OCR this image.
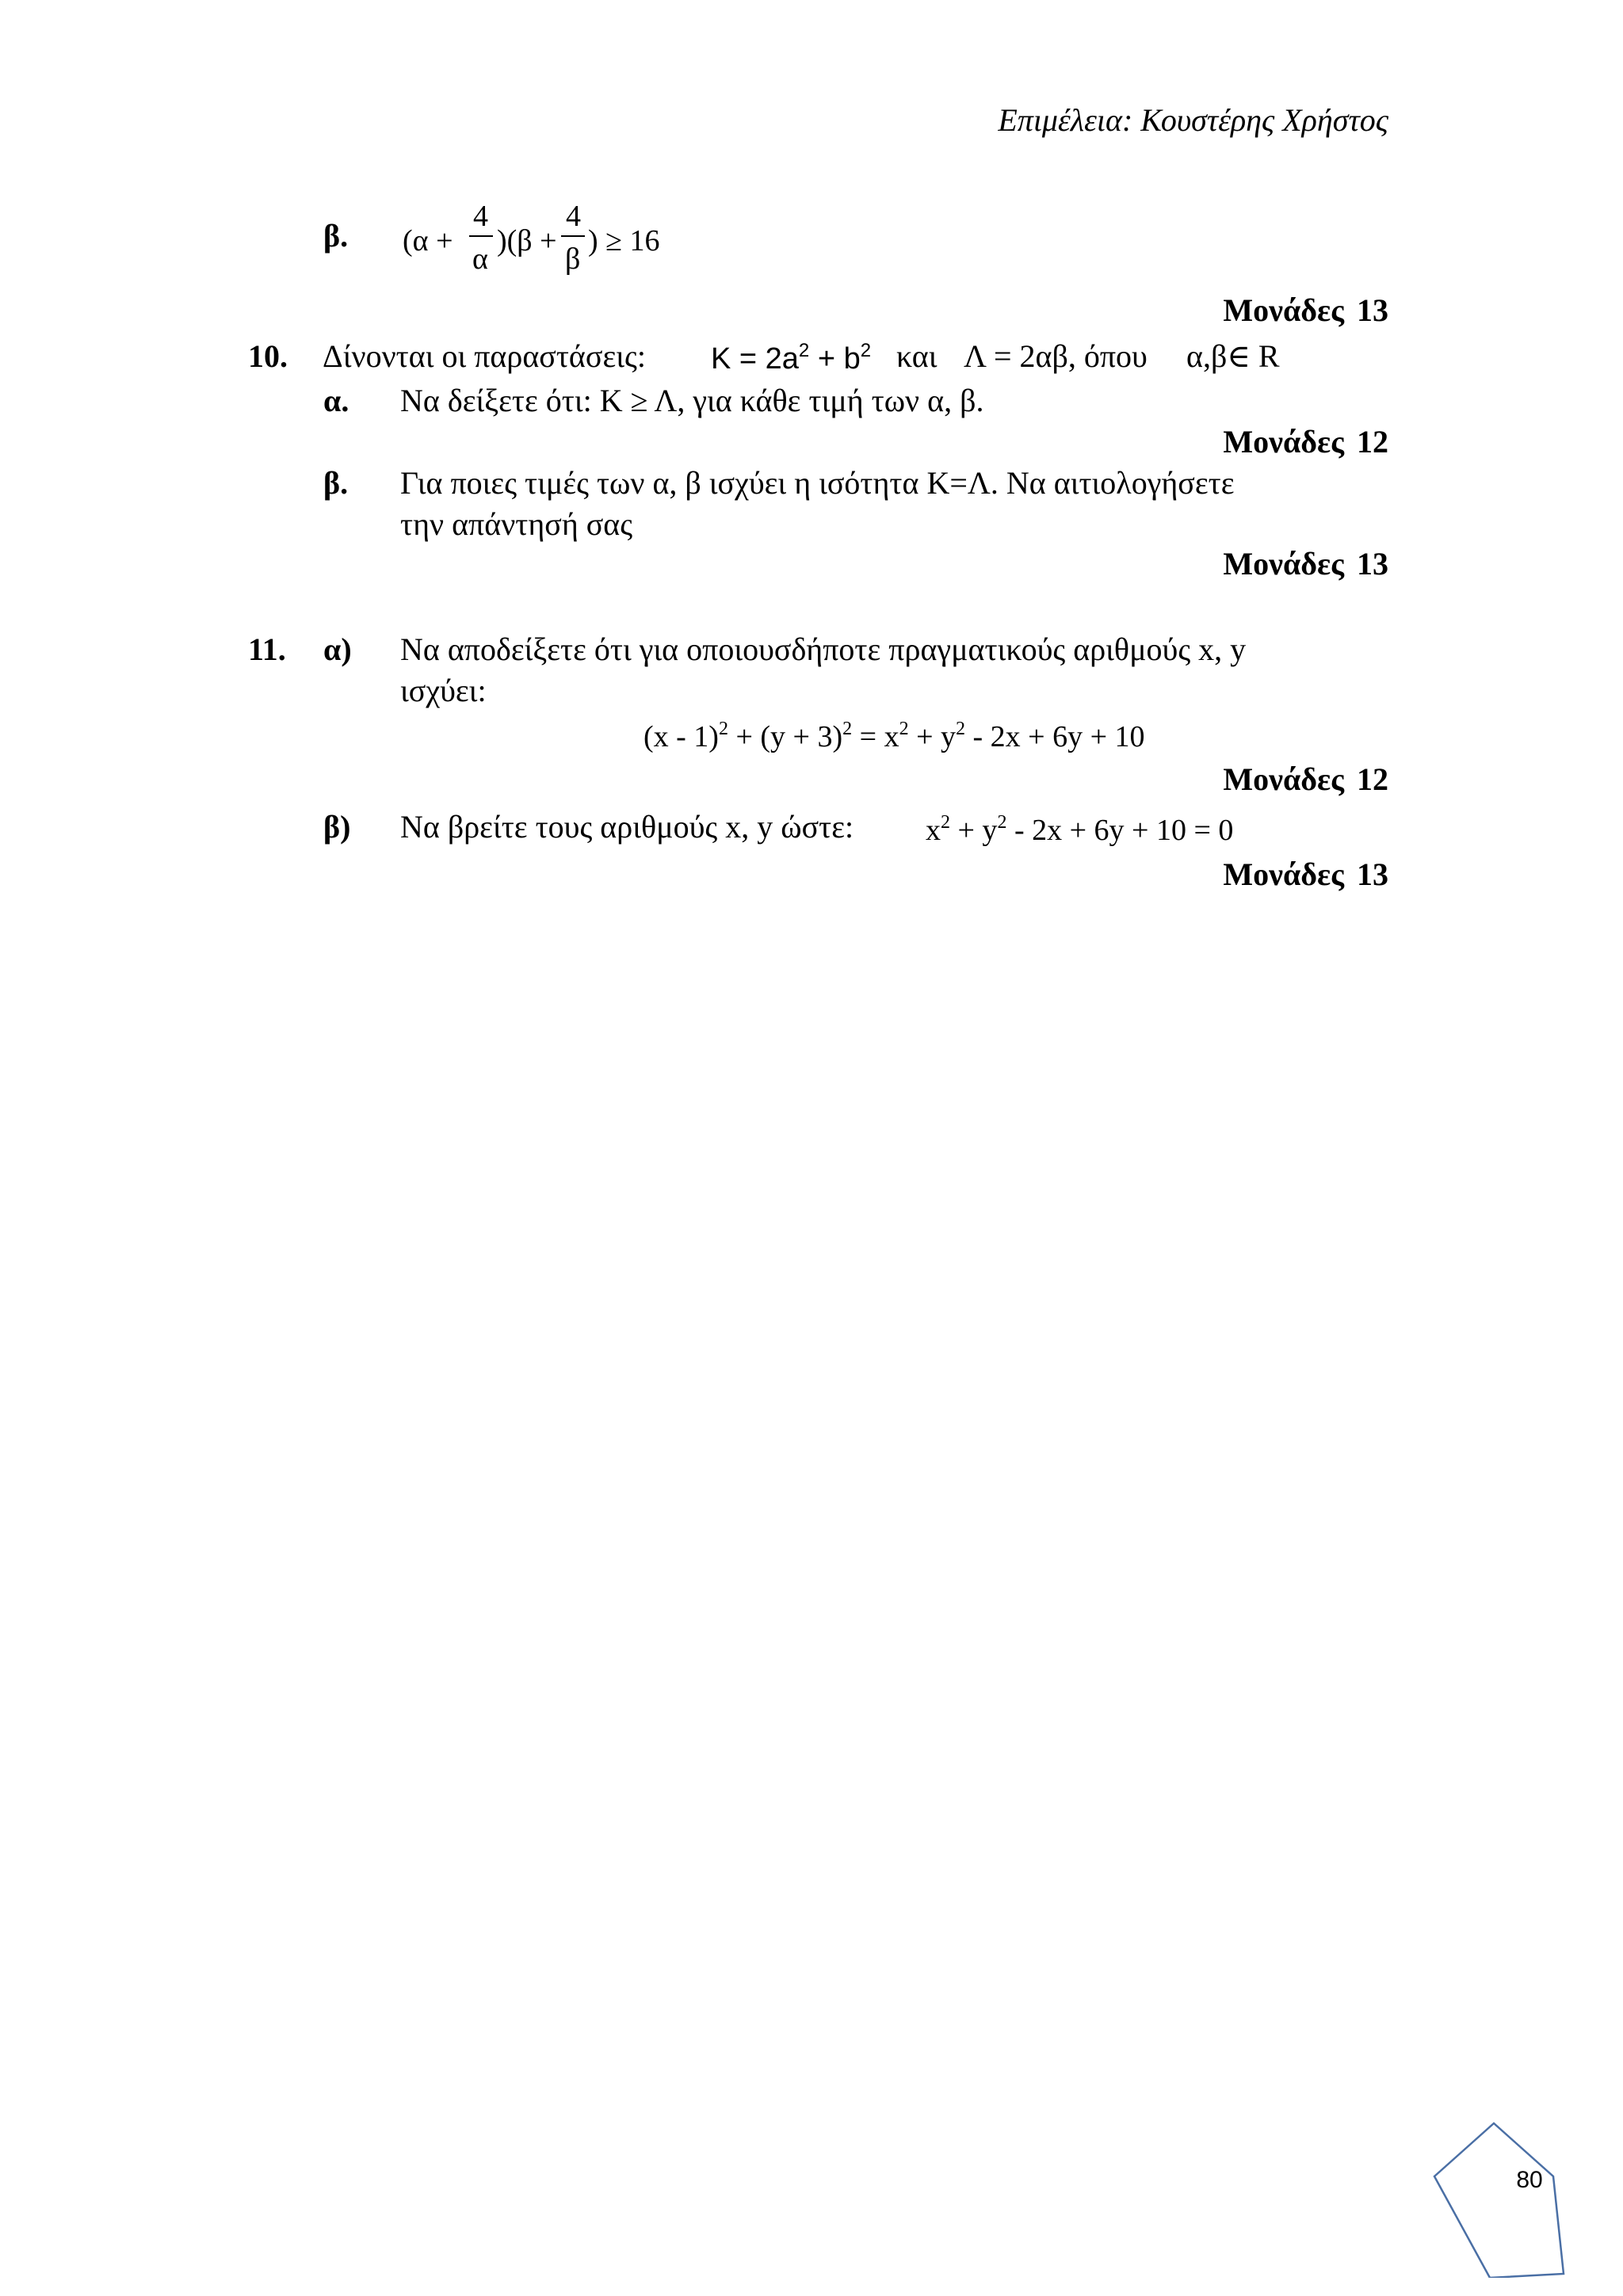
Επιμέλεια: Κουστέρης Χρήστος
β. (α +
4
α
)(β +
4
β
) ≥ 16
Μονάδες 13
10. Δίνονται οι παραστάσεις: $K = 2a^2 + b^2$ και Λ = 2αβ, όπου α,β∈ R
α. Να δείξετε ότι: Κ ≥ Λ, για κάθε τιμή των α, β.
Μονάδες 12
β. Για ποιες τιμές των α, β ισχύει η ισότητα Κ=Λ. Να αιτιολογήσετε
την απάντησή σας
Μονάδες 13
11. α) Να αποδείξετε ότι για οποιουσδήποτε πραγματικούς αριθμούς x, y
ισχύει:
$(x - 1)^2 + (y + 3)^2 = x^2 + y^2 - 2x + 6y + 10$
Μονάδες 12
β) Να βρείτε τους αριθμούς x, y ώστε: $x^2 + y^2 - 2x + 6y + 10 = 0$
Μονάδες 13
80
